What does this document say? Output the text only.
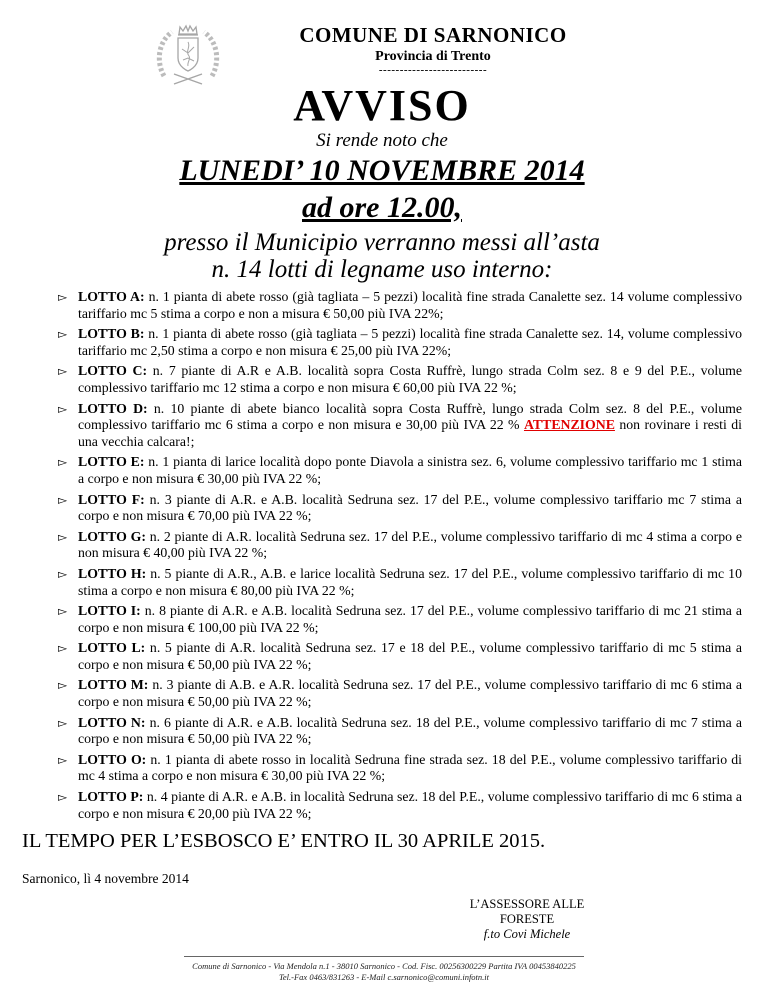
COMUNE DI SARNONICO
Provincia di Trento
--------------------------
AVVISO
Si rende noto che
LUNEDI’ 10 NOVEMBRE 2014
ad ore 12.00,
presso il Municipio verranno messi all’asta
n. 14 lotti di legname uso interno:
▻ LOTTO A: n. 1 pianta di abete rosso (già tagliata – 5 pezzi) località fine strada Canalette sez. 14 volume complessivo tariffario mc 5 stima a corpo e non a misura € 50,00 più IVA 22%;
▻ LOTTO B: n. 1 pianta di abete rosso (già tagliata – 5 pezzi) località fine strada Canalette sez. 14, volume complessivo tariffario mc 2,50 stima a corpo e non misura € 25,00 più IVA 22%;
▻ LOTTO C: n. 7 piante di A.R e A.B. località sopra Costa Ruffrè, lungo strada Colm sez. 8 e 9 del P.E., volume complessivo tariffario mc 12 stima a corpo e non misura € 60,00 più IVA 22 %;
▻ LOTTO D: n. 10 piante di abete bianco località sopra Costa Ruffrè, lungo strada Colm sez. 8 del P.E., volume complessivo tariffario mc 6 stima a corpo e non misura e 30,00 più IVA 22 % ATTENZIONE non rovinare i resti di una vecchia calcara!;
▻ LOTTO E: n. 1 pianta di larice località dopo ponte Diavola a sinistra sez. 6, volume complessivo tariffario mc 1 stima a corpo e non misura € 30,00 più IVA 22 %;
▻ LOTTO F: n. 3 piante di A.R. e A.B. località Sedruna sez. 17 del P.E., volume complessivo tariffario mc 7 stima a corpo e non misura € 70,00 più IVA 22 %;
▻ LOTTO G: n. 2 piante di A.R. località Sedruna sez. 17 del P.E., volume complessivo tariffario di mc 4 stima a corpo e non misura € 40,00 più IVA 22 %;
▻ LOTTO H: n. 5 piante di A.R., A.B. e larice località Sedruna sez. 17 del P.E., volume complessivo tariffario di mc 10 stima a corpo e non misura € 80,00 più IVA 22 %;
▻ LOTTO I: n. 8 piante di A.R. e A.B. località Sedruna sez. 17 del P.E., volume complessivo tariffario di mc 21 stima a corpo e non misura € 100,00 più IVA 22 %;
▻ LOTTO L: n. 5 piante di A.R. località Sedruna sez. 17 e 18 del P.E., volume complessivo tariffario di mc 5 stima a corpo e non misura € 50,00 più IVA 22 %;
▻ LOTTO M: n. 3 piante di A.B. e A.R. località Sedruna sez. 17 del P.E., volume complessivo tariffario di mc 6 stima a corpo e non misura € 50,00 più IVA 22 %;
▻ LOTTO N: n. 6 piante di A.R. e A.B. località Sedruna sez. 18 del P.E., volume complessivo tariffario di mc 7 stima a corpo e non misura € 50,00 più IVA 22 %;
▻ LOTTO O: n. 1 pianta di abete rosso in località Sedruna fine strada sez. 18 del P.E., volume complessivo tariffario di mc 4 stima a corpo e non misura € 30,00 più IVA 22 %;
▻ LOTTO P: n. 4 piante di A.R. e A.B. in località Sedruna sez. 18 del P.E., volume complessivo tariffario di mc 6 stima a corpo e non misura € 20,00 più IVA 22 %;

IL TEMPO PER L’ESBOSCO E’ ENTRO IL 30 APRILE 2015.

Sarnonico, lì 4 novembre 2014

L’ASSESSORE ALLE
FORESTE
f.to Covi Michele
Comune di Sarnonico - Via Mendola n.1 - 38010 Sarnonico - Cod. Fisc. 00256300229 Partita IVA 00453840225
Tel.-Fax 0463/831263 - E-Mail c.sarnonico@comuni.infotn.it
